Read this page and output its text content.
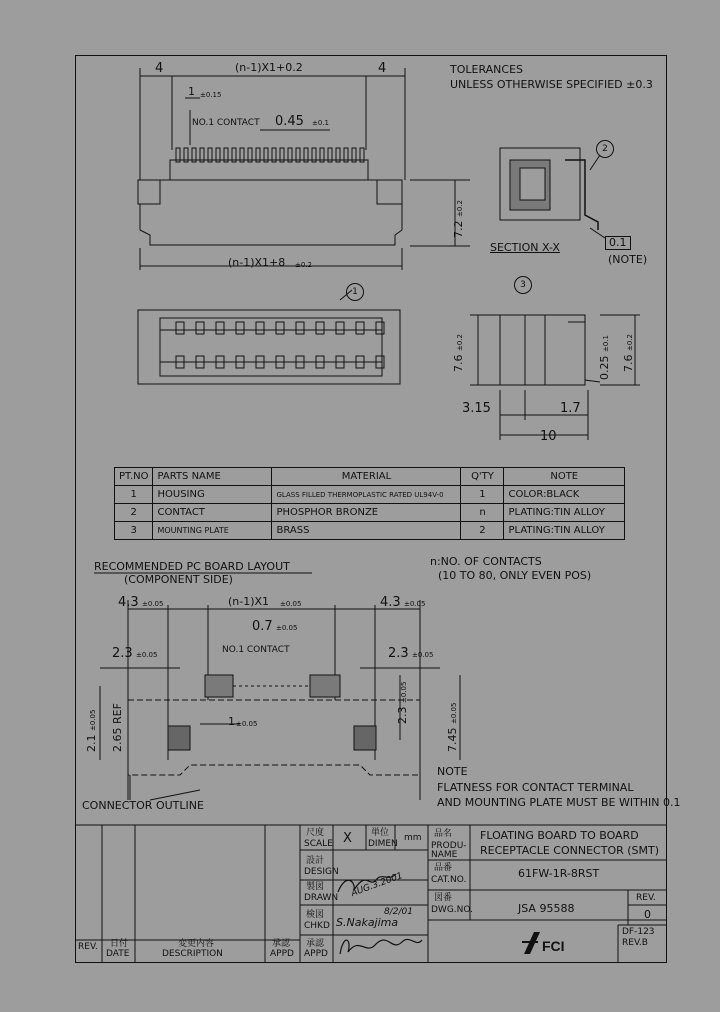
TOLERANCES
UNLESS OTHERWISE SPECIFIED ±0.3
4	(n-1)X1+0.2	4
1 ±0.15
NO.1 CONTACT 0.45 ±0.1
7.2 ±0.2
(n-1)X1+8 ±0.2
1
2
SECTION X-X	0.1
(NOTE)
3
7.6 ±0.2
0.25 ±0.1
7.6 ±0.2
3.15	1.7
10
PT.NO	PARTS NAME	MATERIAL	Q'TY	NOTE
1	HOUSING	GLASS FILLED THERMOPLASTIC RATED UL94V-0	1	COLOR:BLACK
2	CONTACT	PHOSPHOR BRONZE	n	PLATING:TIN ALLOY
3	MOUNTING PLATE	BRASS	2	PLATING:TIN ALLOY
n:NO. OF CONTACTS
(10 TO 80, ONLY EVEN POS)
RECOMMENDED PC BOARD LAYOUT
(COMPONENT SIDE)
4.3 ±0.05	(n-1)X1 ±0.05	4.3 ±0.05
0.7 ±0.05
2.3 ±0.05	NO.1 CONTACT	2.3 ±0.05
2.3 ±0.05
1 ±0.05
2.65 REF
2.1 ±0.05
7.45 ±0.05
CONNECTOR OUTLINE
NOTE
FLATNESS FOR CONTACT TERMINAL
AND MOUNTING PLATE MUST BE WITHIN 0.1
REV. 日付
DATE
変更内容
DESCRIPTION
承認
APPD
尺度
SCALE X 単位
DIMEN
mm
設計
DESIGN
製図
DRAWN AUG.3.2001
検図
CHKD S.Nakajima
8/2/01
承認
APPD
品名
PRODU-NAME
FLOATING BOARD TO BOARD
RECEPTACLE CONNECTOR (SMT)
品番
CAT.NO.	61FW-1R-8RST
図番
DWG.NO.	JSA 95588
REV.
0
DF-123
REV.B
FCI
